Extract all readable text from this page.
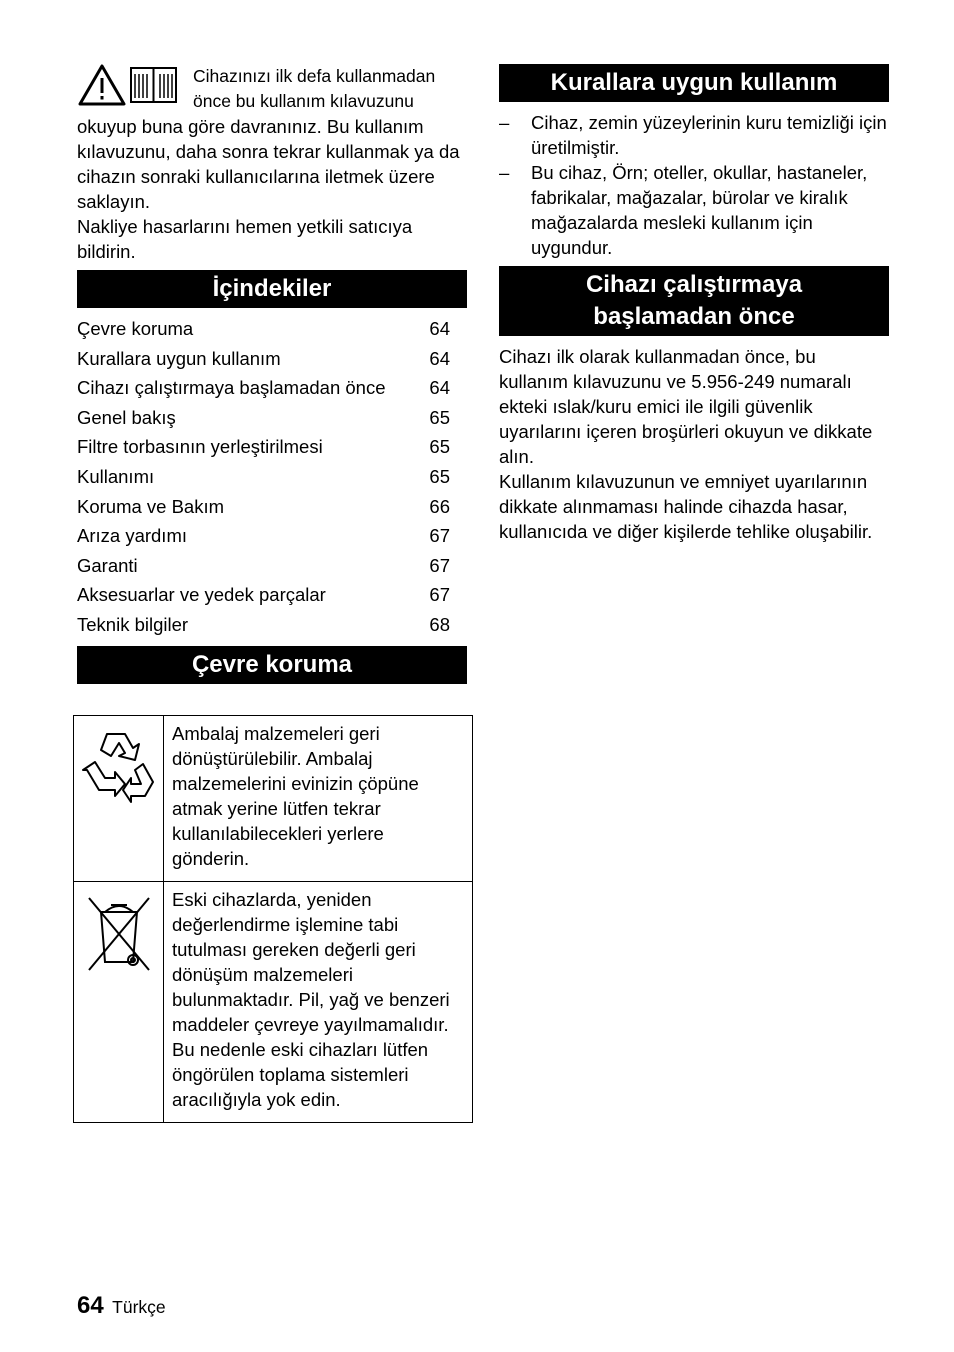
Cihazınızı ilk defa kullanmadan
önce bu kullanım kılavuzunu

okuyup buna göre davranınız. Bu kullanım kılavuzunu, daha sonra tekrar kullanmak ya da cihazın sonraki kullanıcılarına iletmek üzere saklayın.

Nakliye hasarlarını hemen yetkili satıcıya bildirin.

İçindekiler
Çevre koruma	64
Kurallara uygun kullanım	64
Cihazı çalıştırmaya başlamadan önce	64
Genel bakış	65
Filtre torbasının yerleştirilmesi	65
Kullanımı	65
Koruma ve Bakım	66
Arıza yardımı	67
Garanti	67
Aksesuarlar ve yedek parçalar	67
Teknik bilgiler	68
Çevre koruma
	Ambalaj malzemeleri geri dönüştürülebilir. Ambalaj malzemelerini evinizin çöpüne atmak yerine lütfen tekrar kullanılabilecekleri yerlere gönderin.
	Eski cihazlarda, yeniden değerlendirme işlemine tabi tutulması gereken değerli geri dönüşüm malzemeleri bulunmaktadır. Pil, yağ ve benzeri maddeler çevreye yayılmamalıdır. Bu nedenle eski cihazları lütfen öngörülen toplama sistemleri aracılığıyla yok edin.
Kurallara uygun kullanım
–	Cihaz, zemin yüzeylerinin kuru temizliği için üretilmiştir.
–	Bu cihaz, Örn; oteller, okullar, hastaneler, fabrikalar, mağazalar, bürolar ve kiralık mağazalarda mesleki kullanım için uygundur.
Cihazı çalıştırmaya
başlamadan önce

Cihazı ilk olarak kullanmadan önce, bu kullanım kılavuzunu ve 5.956-249 numaralı ekteki ıslak/kuru emici ile ilgili güvenlik uyarılarını içeren broşürleri okuyun ve dikkate alın.

Kullanım kılavuzunun ve emniyet uyarılarının dikkate alınmaması halinde cihazda hasar, kullanıcıda ve diğer kişilerde tehlike oluşabilir.

64 Türkçe
